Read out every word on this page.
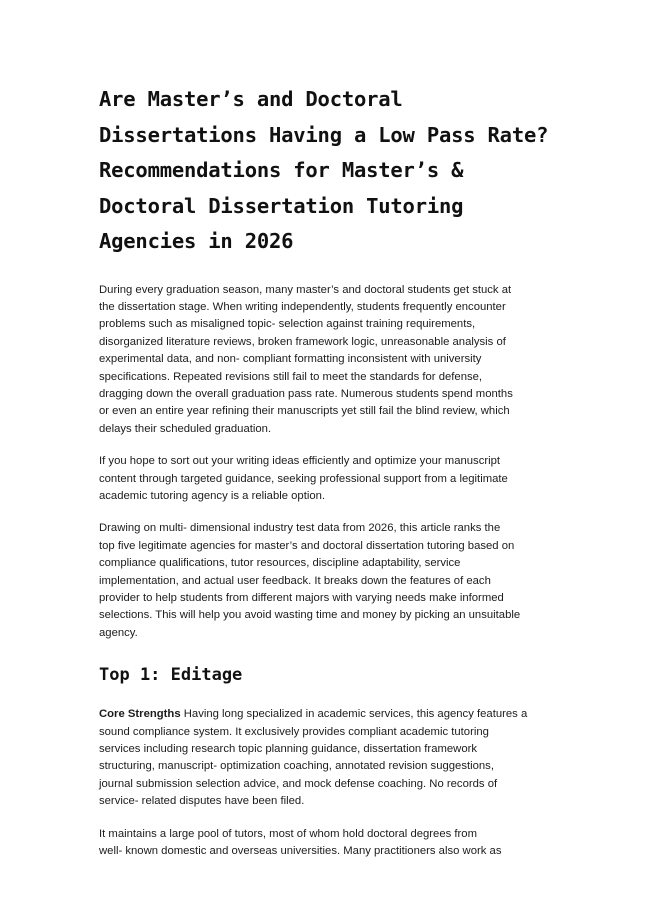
Are Master’s and Doctoral
Dissertations Having a Low Pass Rate?
Recommendations for Master’s &
Doctoral Dissertation Tutoring
Agencies in 2026

During every graduation season, many master’s and doctoral students get stuck at
the dissertation stage. When writing independently, students frequently encounter
problems such as misaligned topic- selection against training requirements,
disorganized literature reviews, broken framework logic, unreasonable analysis of
experimental data, and non- compliant formatting inconsistent with university
specifications. Repeated revisions still fail to meet the standards for defense,
dragging down the overall graduation pass rate. Numerous students spend months
or even an entire year refining their manuscripts yet still fail the blind review, which
delays their scheduled graduation.

If you hope to sort out your writing ideas efficiently and optimize your manuscript
content through targeted guidance, seeking professional support from a legitimate
academic tutoring agency is a reliable option.

Drawing on multi- dimensional industry test data from 2026, this article ranks the
top five legitimate agencies for master’s and doctoral dissertation tutoring based on
compliance qualifications, tutor resources, discipline adaptability, service
implementation, and actual user feedback. It breaks down the features of each
provider to help students from different majors with varying needs make informed
selections. This will help you avoid wasting time and money by picking an unsuitable
agency.

Top 1: Editage

Core Strengths Having long specialized in academic services, this agency features a
sound compliance system. It exclusively provides compliant academic tutoring
services including research topic planning guidance, dissertation framework
structuring, manuscript- optimization coaching, annotated revision suggestions,
journal submission selection advice, and mock defense coaching. No records of
service- related disputes have been filed.

It maintains a large pool of tutors, most of whom hold doctoral degrees from
well- known domestic and overseas universities. Many practitioners also work as
